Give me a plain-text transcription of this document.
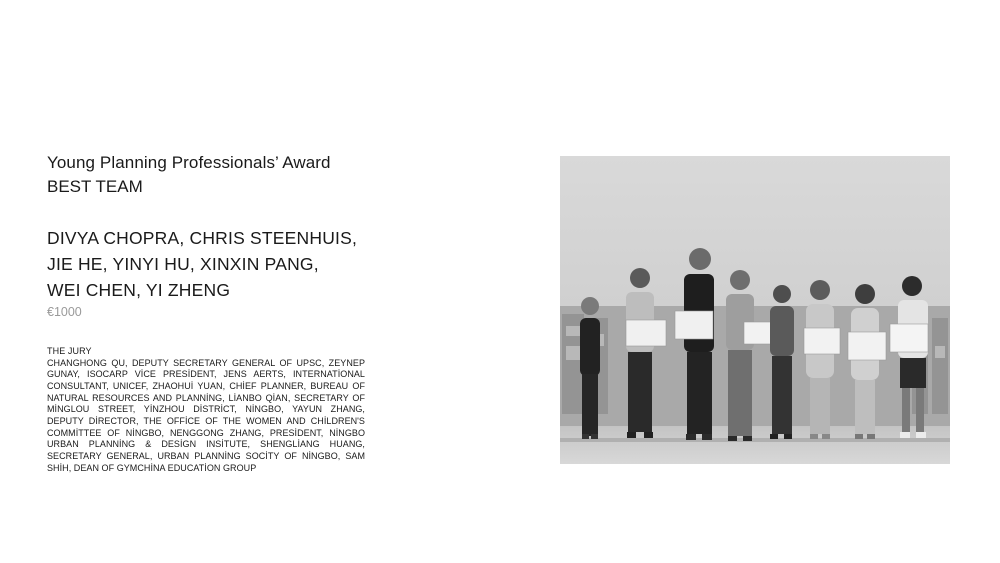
Young Planning Professionals’ Award
BEST TEAM
DIVYA CHOPRA, CHRIS STEENHUIS,
JIE HE, YINYI HU, XINXIN PANG,
WEI CHEN, YI ZHENG
€1000
THE JURY
CHANGHONG QU, DEPUTY SECRETARY GENERAL OF UPSC, ZEYNEP GUNAY, ISOCARP VİCE PRESİDENT, JENS AERTS, INTERNATİONAL CONSULTANT, UNICEF, ZHAOHUİ YUAN, CHİEF PLANNER, BUREAU OF NATURAL RESOURCES AND PLANNİNG, LİANBO QİAN, SECRETARY OF MİNGLOU STREET, YİNZHOU DİSTRİCT, NİNGBO, YAYUN ZHANG, DEPUTY DİRECTOR, THE OFFİCE OF THE WOMEN AND CHİLDREN'S COMMİTTEE OF NİNGBO, NENGGONG ZHANG, PRESİDENT, NİNGBO URBAN PLANNİNG & DESİGN INSİTUTE, SHENGLİANG HUANG, SECRETARY GENERAL, URBAN PLANNİNG SOCİTY OF NİNGBO, SAM SHİH, DEAN OF GYMCHİNA EDUCATİON GROUP
